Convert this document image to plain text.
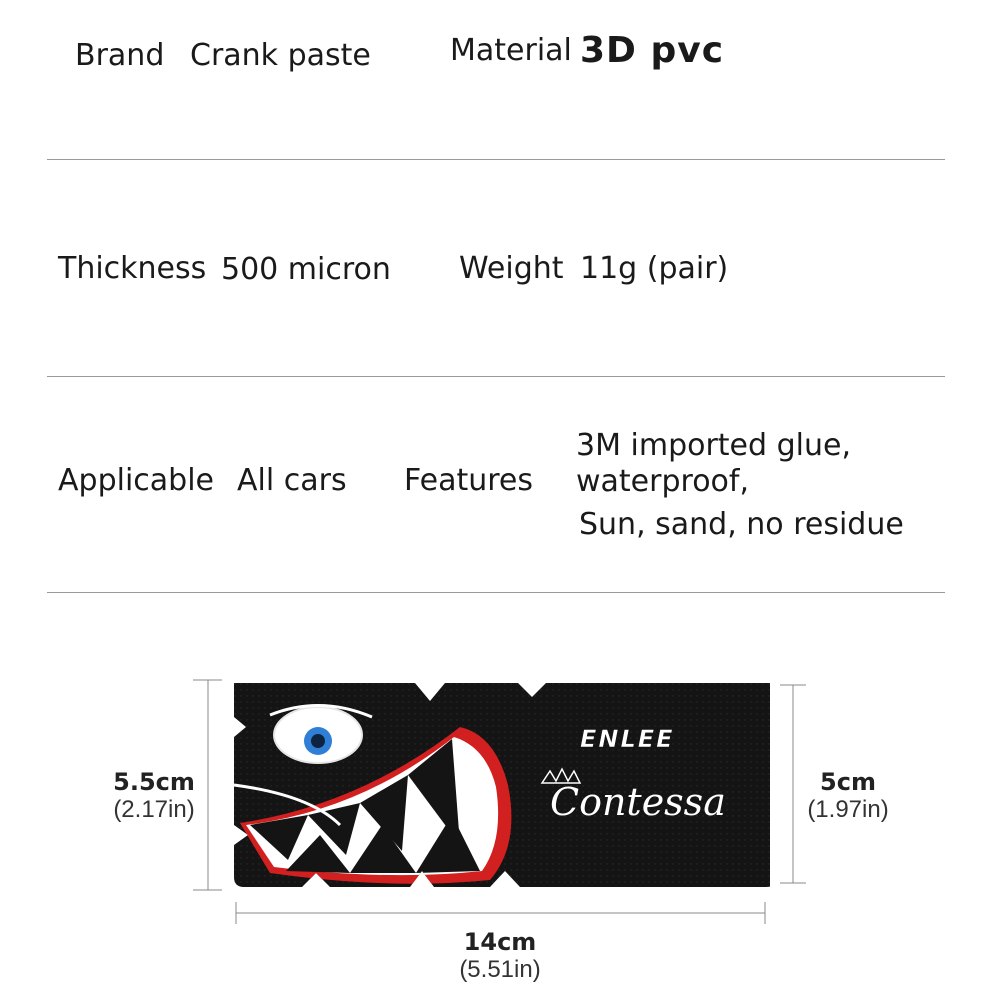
Brand Crank paste	Material 3D pvc
Thickness 500 micron Weight 11g (pair)
Applicable All cars Features
3M imported glue,
waterproof,
Sun, sand, no residue
5.5cm
(2.17in)
5cm
(1.97in)
14cm
(5.51in)
ENLEE
Contessa
